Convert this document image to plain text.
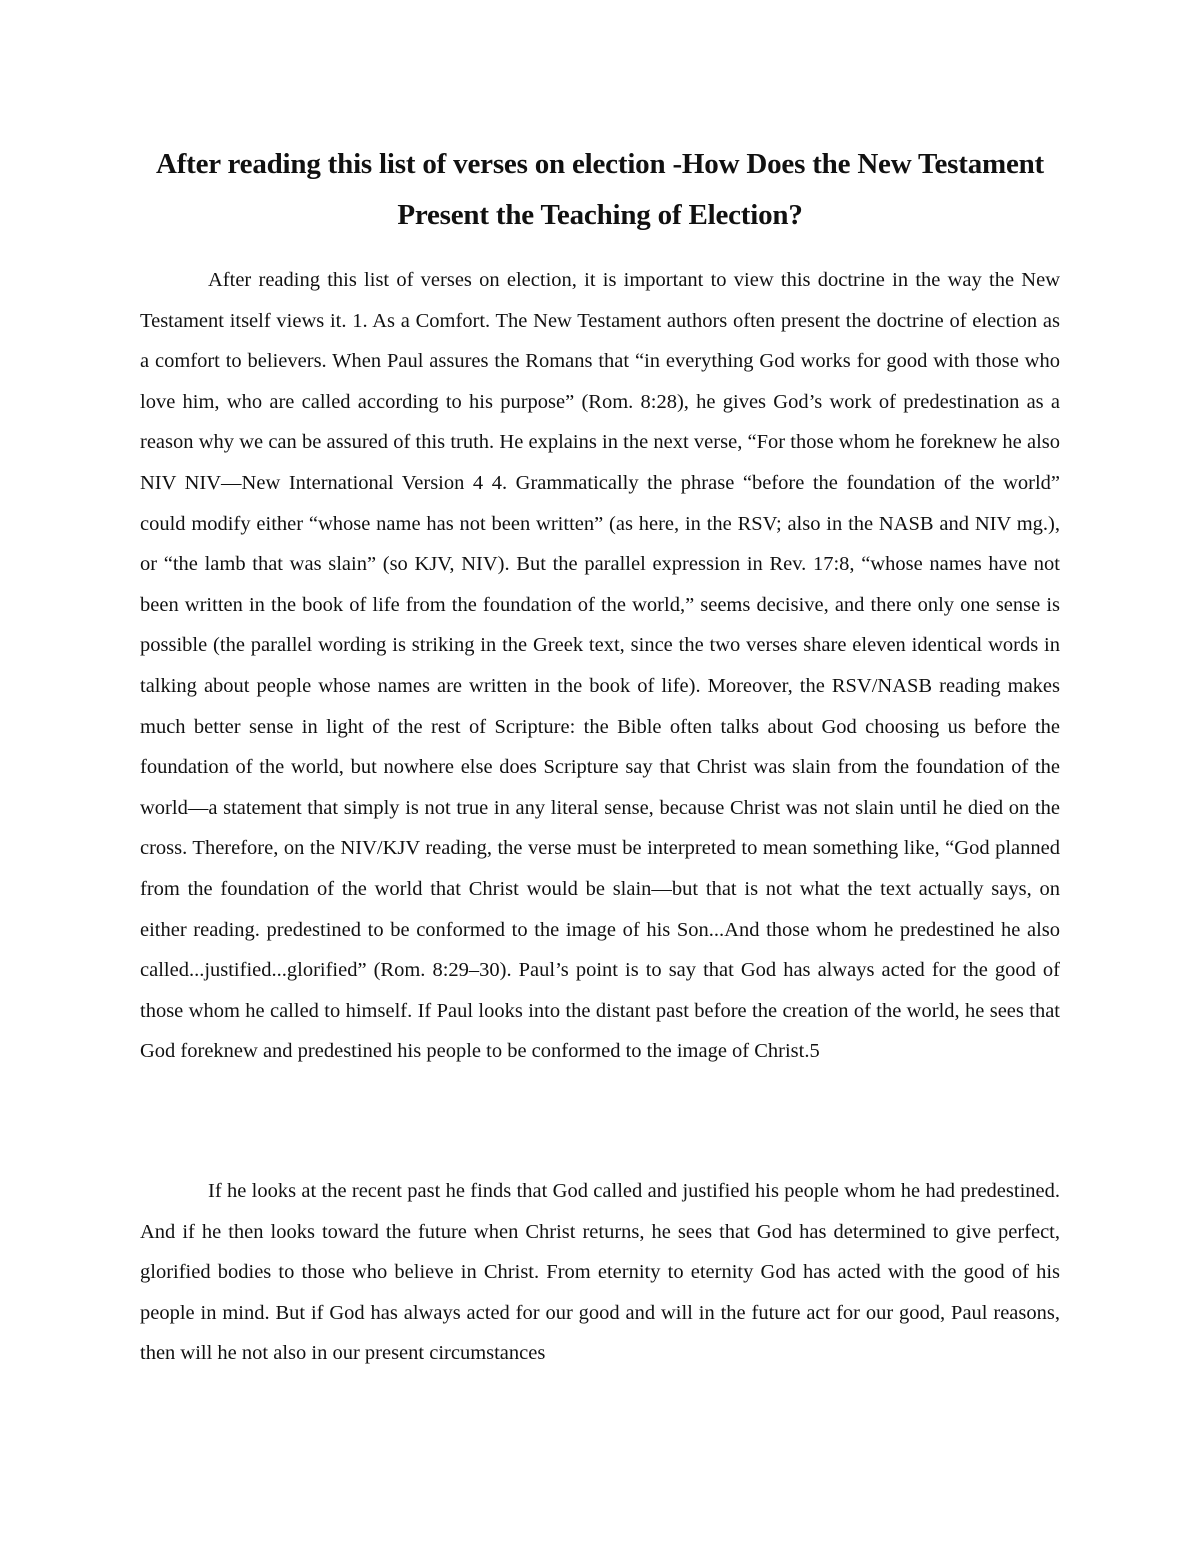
After reading this list of verses on election -How Does the New Testament Present the Teaching of Election?

After reading this list of verses on election, it is important to view this doctrine in the way the New Testament itself views it. 1. As a Comfort. The New Testament authors often present the doctrine of election as a comfort to believers. When Paul assures the Romans that “in everything God works for good with those who love him, who are called according to his purpose” (Rom. 8:28), he gives God’s work of predestination as a reason why we can be assured of this truth. He explains in the next verse, “For those whom he foreknew he also NIV NIV—New International Version 4 4. Grammatically the phrase “before the foundation of the world” could modify either “whose name has not been written” (as here, in the RSV; also in the NASB and NIV mg.), or “the lamb that was slain” (so KJV, NIV). But the parallel expression in Rev. 17:8, “whose names have not been written in the book of life from the foundation of the world,” seems decisive, and there only one sense is possible (the parallel wording is striking in the Greek text, since the two verses share eleven identical words in talking about people whose names are written in the book of life). Moreover, the RSV/NASB reading makes much better sense in light of the rest of Scripture: the Bible often talks about God choosing us before the foundation of the world, but nowhere else does Scripture say that Christ was slain from the foundation of the world—a statement that simply is not true in any literal sense, because Christ was not slain until he died on the cross. Therefore, on the NIV/KJV reading, the verse must be interpreted to mean something like, “God planned from the foundation of the world that Christ would be slain—but that is not what the text actually says, on either reading. predestined to be conformed to the image of his Son...And those whom he predestined he also called...justified...glorified” (Rom. 8:29–30). Paul’s point is to say that God has always acted for the good of those whom he called to himself. If Paul looks into the distant past before the creation of the world, he sees that God foreknew and predestined his people to be conformed to the image of Christ.5

If he looks at the recent past he finds that God called and justified his people whom he had predestined. And if he then looks toward the future when Christ returns, he sees that God has determined to give perfect, glorified bodies to those who believe in Christ. From eternity to eternity God has acted with the good of his people in mind. But if God has always acted for our good and will in the future act for our good, Paul reasons, then will he not also in our present circumstances
